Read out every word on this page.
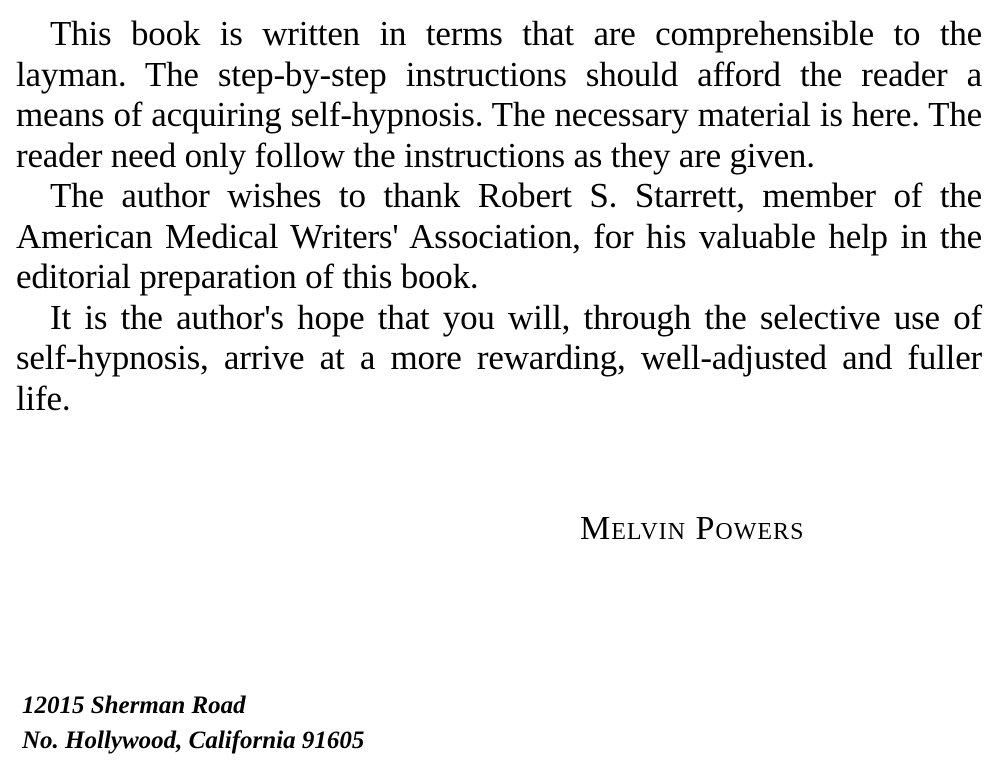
This book is written in terms that are comprehensible to the layman. The step-by-step instructions should afford the reader a means of acquiring self-hypnosis. The necessary material is here. The reader need only follow the instructions as they are given.

The author wishes to thank Robert S. Starrett, member of the American Medical Writers' Association, for his valuable help in the editorial preparation of this book.

It is the author's hope that you will, through the selective use of self-hypnosis, arrive at a more rewarding, well-adjusted and fuller life.

Melvin Powers
12015 Sherman Road
No. Hollywood, California 91605
